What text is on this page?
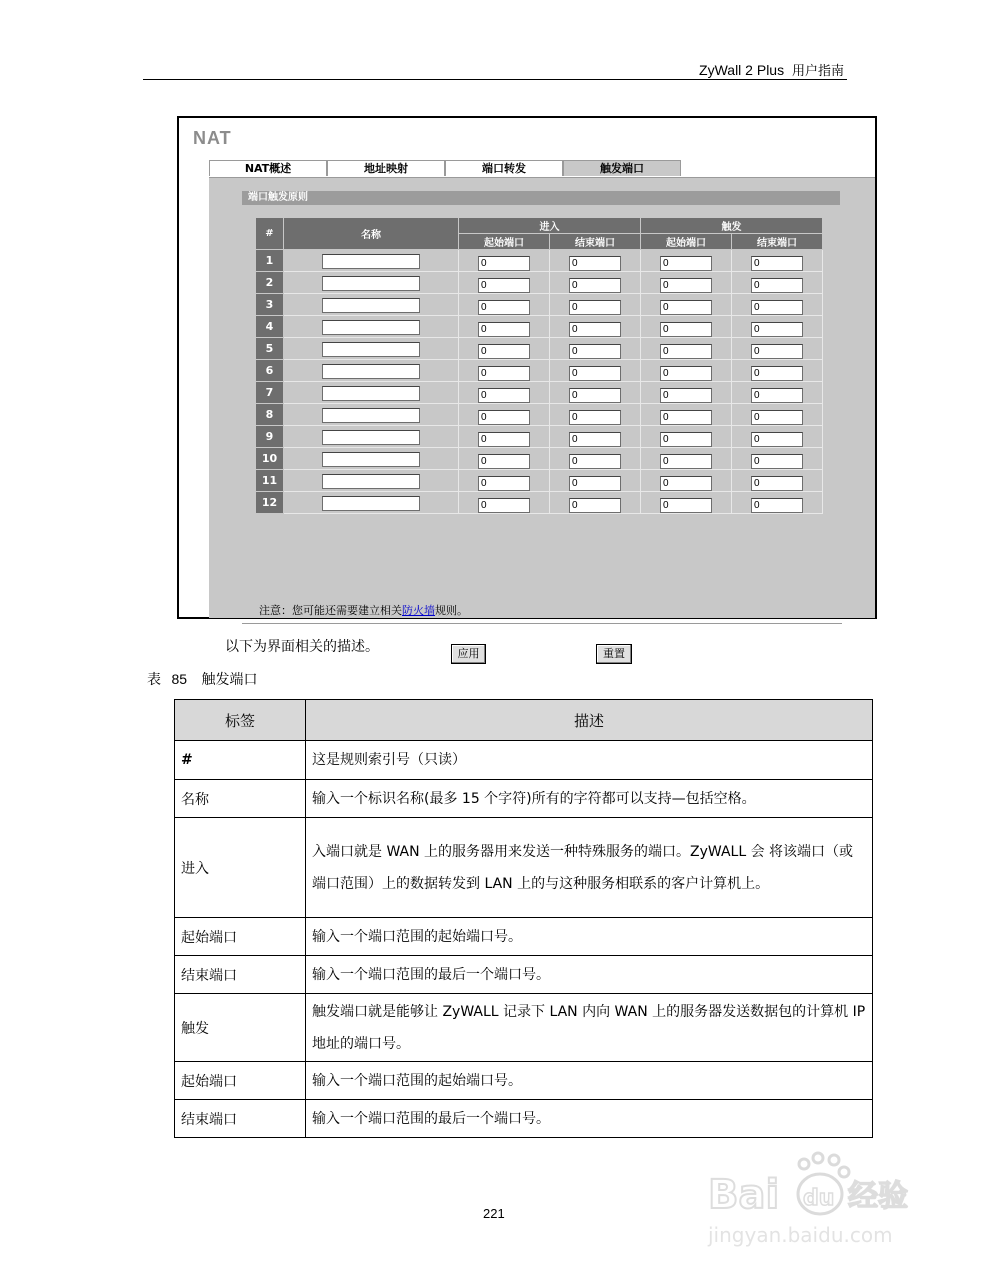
ZyWall 2 Plus 用户指南
NAT
NAT概述	地址映射	端口转发	触发端口
端口触发原则
#	名称	进入		触发	
		起始端口	结束端口	起始端口	结束端口
1		0	0	0	0
2		0	0	0	0
3		0	0	0	0
4		0	0	0	0
5		0	0	0	0
6		0	0	0	0
7		0	0	0	0
8		0	0	0	0
9		0	0	0	0
10		0	0	0	0
11		0	0	0	0
12		0	0	0	0
注意：您可能还需要建立相关防火墙规则。
应用	重置
以下为界面相关的描述。
表 85 触发端口
标签	描述
#	这是规则索引号（只读）
名称	输入一个标识名称(最多 15 个字符)所有的字符都可以支持—包括空格。
进入	入端口就是 WAN 上的服务器用来发送一种特殊服务的端口。ZyWALL 会 将该端口（或端口范围）上的数据转发到 LAN 上的与这种服务相联系的客户计算机上。
起始端口	输入一个端口范围的起始端口号。
结束端口	输入一个端口范围的最后一个端口号。
触发	触发端口就是能够让 ZyWALL 记录下 LAN 内向 WAN 上的服务器发送数据包的计算机 IP 地址的端口号。
起始端口	输入一个端口范围的起始端口号。
结束端口	输入一个端口范围的最后一个端口号。
221	Bai du 经验
jingyan.baidu.com
